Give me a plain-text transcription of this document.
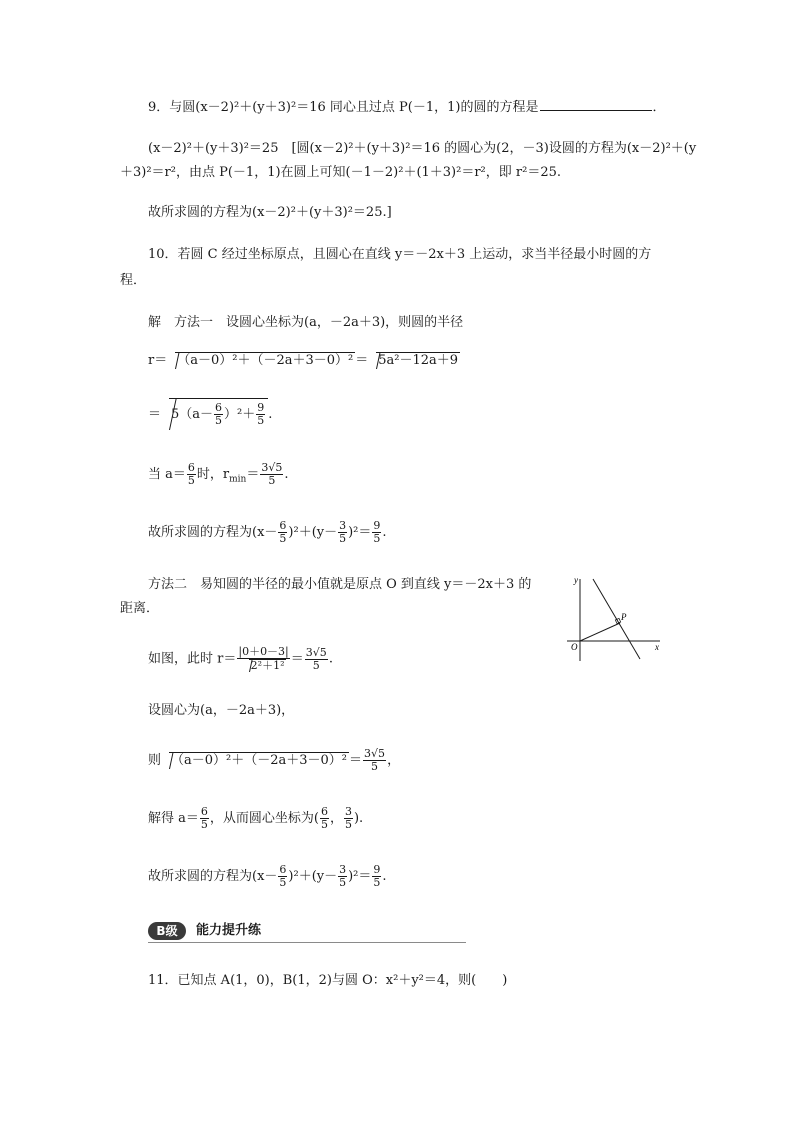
9．与圆(x－2)²＋(y＋3)²＝16 同心且过点 P(－1，1)的圆的方程是	．
(x－2)²＋(y＋3)²＝25　[圆(x－2)²＋(y＋3)²＝16 的圆心为(2，－3)设圆的方程为(x－2)²＋(y
＋3)²＝r²，由点 P(－1，1)在圆上可知(－1－2)²＋(1＋3)²＝r²，即 r²＝25.
故所求圆的方程为(x－2)²＋(y＋3)²＝25.]
10．若圆 C 经过坐标原点，且圆心在直线 y＝－2x＋3 上运动，求当半径最小时圆的方
程．
解　方法一　设圆心坐标为(a，－2a＋3)，则圆的半径
r＝ （a－0）²＋（－2a＋3－0）² ＝ 5a²－12a＋9
＝ $5(a- \frac{6}{5} )^2+ \frac{9}{5}$ .
当 $a= \frac{6}{5}$ 时，$r_{min}= \frac{3√5}{5}$ .
故所求圆的方程为$(x- \frac{6}{5} )^2+(y- \frac{3}{5} )^2= \frac{9}{5}$ .
方法二　易知圆的半径的最小值就是原点 O 到直线 y＝－2x＋3 的
距离．
如图，此时 $r= \frac{|0+0-3|}{\text{2²＋1²}} = \frac{3√5}{5}$ .
设圆心为(a，－2a＋3)，
则 $(a-0)^2+(-2a+3-0)^2 = \frac{3√5}{5}$ ，
解得 $a= \frac{6}{5}$ ，从而圆心坐标为( $\frac{6}{5}$ ， $\frac{3}{5}$ ).
故所求圆的方程为$(x- \frac{6}{5} )^2+(y- \frac{3}{5} )^2= \frac{9}{5}$ .
y
x
O
P
B级	能力提升练
11．已知点 A(1，0)，B(1，2)与圆 O：x²＋y²＝4，则(　　)
